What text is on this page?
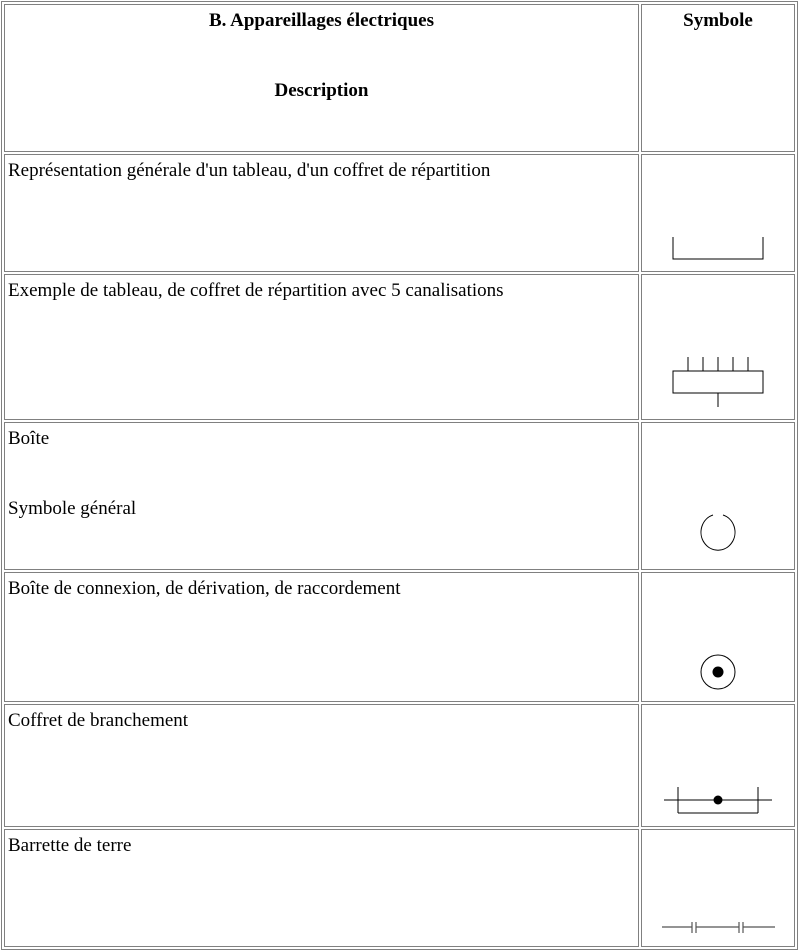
B. Appareillages électriques
Description	Symbole
Représentation générale d'un tableau, d'un coffret de répartition	

Exemple de tableau, de coffret de répartition avec 5 canalisations	

Boîte
Symbole général

Boîte de connexion, de dérivation, de raccordement	

Coffret de branchement	

Barrette de terre	
